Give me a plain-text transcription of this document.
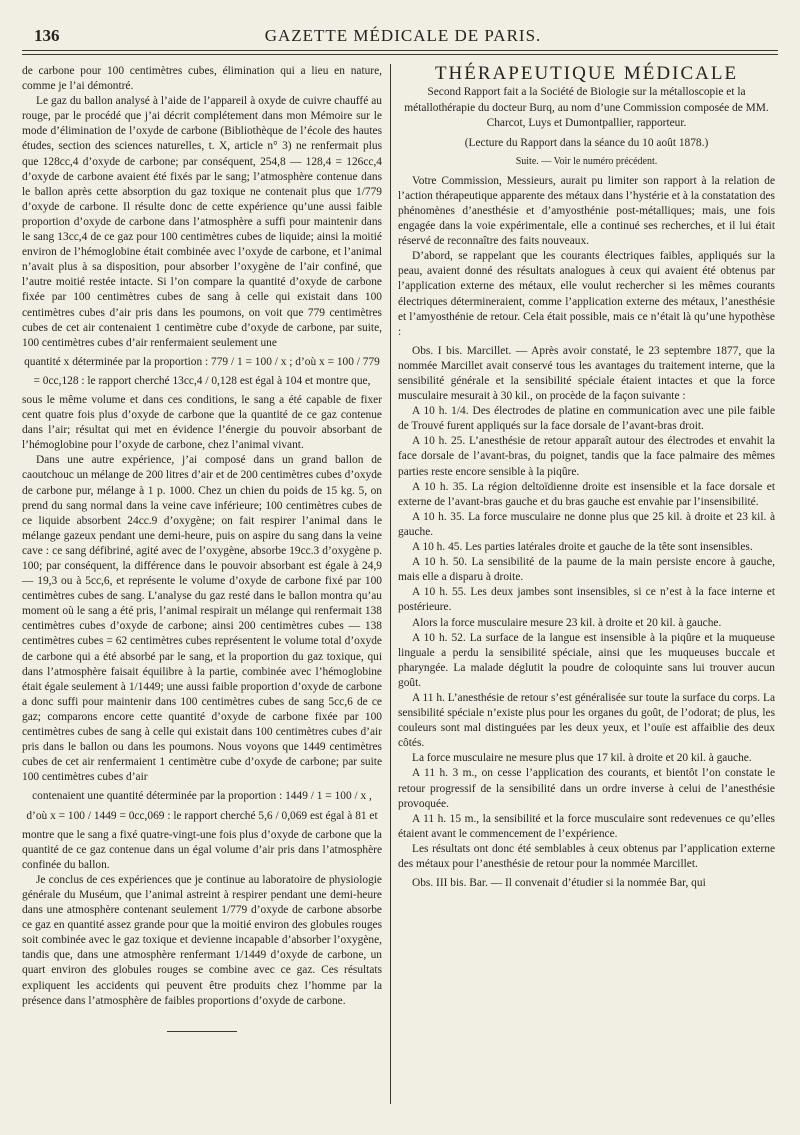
136	GAZETTE MÉDICALE DE PARIS.

de carbone pour 100 centimètres cubes, élimination qui a lieu en nature, comme je l’ai démontré.

Le gaz du ballon analysé à l’aide de l’appareil à oxyde de cuivre chauffé au rouge, par le procédé que j’ai décrit complétement dans mon Mémoire sur le mode d’élimination de l’oxyde de carbone (Bibliothèque de l’école des hautes études, section des sciences naturelles, t. X, article n° 3) ne renfermait plus que 128cc,4 d’oxyde de carbone; par conséquent, 254,8 — 128,4 = 126cc,4 d’oxyde de carbone avaient été fixés par le sang; l’atmosphère contenue dans le ballon après cette absorption du gaz toxique ne contenait plus que 1/779 d’oxyde de carbone. Il résulte donc de cette expérience qu’une aussi faible proportion d’oxyde de carbone dans l’atmosphère a suffi pour maintenir dans le sang 13cc,4 de ce gaz pour 100 centimètres cubes de liquide; ainsi la moitié environ de l’hémoglobine était combinée avec l’oxyde de carbone, et l’animal n’avait plus à sa disposition, pour absorber l’oxygène de l’air confiné, que l’autre moitié restée intacte. Si l’on compare la quantité d’oxyde de carbone fixée par 100 centimètres cubes de sang à celle qui existait dans 100 centimètres cubes d’air pris dans les poumons, on voit que 779 centimètres cubes de cet air contenaient 1 centimètre cube d’oxyde de carbone, par suite, 100 centimètres cubes d’air renfermaient seulement une

quantité x déterminée par la proportion : 779 / 1 = 100 / x ; d’où x = 100 / 779

= 0cc,128 : le rapport cherché 13cc,4 / 0,128 est égal à 104 et montre que,

sous le même volume et dans ces conditions, le sang a été capable de fixer cent quatre fois plus d’oxyde de carbone que la quantité de ce gaz contenue dans l’air; résultat qui met en évidence l’énergie du pouvoir absorbant de l’hémoglobine pour l’oxyde de carbone, chez l’animal vivant.

Dans une autre expérience, j’ai composé dans un grand ballon de caoutchouc un mélange de 200 litres d’air et de 200 centimètres cubes d’oxyde de carbone pur, mélange à 1 p. 1000. Chez un chien du poids de 15 kg. 5, on prend du sang normal dans la veine cave inférieure; 100 centimètres cubes de ce liquide absorbent 24cc.9 d’oxygène; on fait respirer l’animal dans le mélange gazeux pendant une demi-heure, puis on aspire du sang dans la veine cave : ce sang défibriné, agité avec de l’oxygène, absorbe 19cc.3 d’oxygène p. 100; par conséquent, la différence dans le pouvoir absorbant est égale à 24,9 — 19,3 ou à 5cc,6, et représente le volume d’oxyde de carbone fixé par 100 centimètres cubes de sang. L’analyse du gaz resté dans le ballon montra qu’au moment où le sang a été pris, l’animal respirait un mélange qui renfermait 138 centimètres cubes d’oxyde de carbone; ainsi 200 centimètres cubes — 138 centimètres cubes = 62 centimètres cubes représentent le volume total d’oxyde de carbone qui a été absorbé par le sang, et la proportion du gaz toxique, qui dans l’atmosphère faisait équilibre à la partie, combinée avec l’hémoglobine était égale seulement à 1/1449; une aussi faible proportion d’oxyde de carbone a donc suffi pour maintenir dans 100 centimètres cubes de sang 5cc,6 de ce gaz; comparons encore cette quantité d’oxyde de carbone fixée par 100 centimètres cubes de sang à celle qui existait dans 100 centimètres cubes d’air pris dans le ballon ou dans les poumons. Nous voyons que 1449 centimètres cubes de cet air renfermaient 1 centimètre cube d’oxyde de carbone; par suite 100 centimètres cubes d’air

contenaient une quantité déterminée par la proportion : 1449 / 1 = 100 / x ,

d’où x = 100 / 1449 = 0cc,069 : le rapport cherché 5,6 / 0,069 est égal à 81 et

montre que le sang a fixé quatre-vingt-une fois plus d’oxyde de carbone que la quantité de ce gaz contenue dans un égal volume d’air pris dans l’atmosphère confinée du ballon.

Je conclus de ces expériences que je continue au laboratoire de physiologie générale du Muséum, que l’animal astreint à respirer pendant une demi-heure dans une atmosphère contenant seulement 1/779 d’oxyde de carbone absorbe ce gaz en quantité assez grande pour que la moitié environ des globules rouges soit combinée avec le gaz toxique et devienne incapable d’absorber l’oxygène, tandis que, dans une atmosphère renfermant 1/1449 d’oxyde de carbone, un quart environ des globules rouges se combine avec ce gaz. Ces résultats expliquent les accidents qui peuvent être produits chez l’homme par la présence dans l’atmosphère de faibles proportions d’oxyde de carbone.

THÉRAPEUTIQUE MÉDICALE

Second Rapport fait a la Société de Biologie sur la métalloscopie et la métallothérapie du docteur Burq, au nom d’une Commission composée de MM. Charcot, Luys et Dumontpallier, rapporteur.

(Lecture du Rapport dans la séance du 10 août 1878.)

Suite. — Voir le numéro précédent.

Votre Commission, Messieurs, aurait pu limiter son rapport à la relation de l’action thérapeutique apparente des métaux dans l’hystérie et à la constatation des phénomènes d’anesthésie et d’amyosthénie post-métalliques; mais, une fois engagée dans la voie expérimentale, elle a continué ses recherches, et il lui était réservé de reconnaître des faits nouveaux.

D’abord, se rappelant que les courants électriques faibles, appliqués sur la peau, avaient donné des résultats analogues à ceux qui avaient été obtenus par l’application externe des métaux, elle voulut rechercher si les mêmes courants électriques détermineraient, comme l’application externe des métaux, l’anesthésie et l’amyosthénie de retour. Cela était possible, mais ce n’était là qu’une hypothèse :

Obs. I bis. Marcillet. — Après avoir constaté, le 23 septembre 1877, que la nommée Marcillet avait conservé tous les avantages du traitement interne, que la sensibilité générale et la sensibilité spéciale étaient intactes et que la force musculaire mesurait à 30 kil., on procède de la façon suivante :

A 10 h. 1/4. Des électrodes de platine en communication avec une pile faible de Trouvé furent appliqués sur la face dorsale de l’avant-bras droit.

A 10 h. 25. L’anesthésie de retour apparaît autour des électrodes et envahit la face dorsale de l’avant-bras, du poignet, tandis que la face palmaire des mêmes parties reste encore sensible à la piqûre.

A 10 h. 35. La région deltoïdienne droite est insensible et la face dorsale et externe de l’avant-bras gauche et du bras gauche est envahie par l’insensibilité.

A 10 h. 35. La force musculaire ne donne plus que 25 kil. à droite et 23 kil. à gauche.

A 10 h. 45. Les parties latérales droite et gauche de la tête sont insensibles.

A 10 h. 50. La sensibilité de la paume de la main persiste encore à gauche, mais elle a disparu à droite.

A 10 h. 55. Les deux jambes sont insensibles, si ce n’est à la face interne et postérieure.

Alors la force musculaire mesure 23 kil. à droite et 20 kil. à gauche.

A 10 h. 52. La surface de la langue est insensible à la piqûre et la muqueuse linguale a perdu la sensibilité spéciale, ainsi que les muqueuses buccale et pharyngée. La malade déglutit la poudre de coloquinte sans lui trouver aucun goût.

A 11 h. L’anesthésie de retour s’est généralisée sur toute la surface du corps. La sensibilité spéciale n’existe plus pour les organes du goût, de l’odorat; de plus, les couleurs sont mal distinguées par les deux yeux, et l’ouïe est affaiblie des deux côtés.

La force musculaire ne mesure plus que 17 kil. à droite et 20 kil. à gauche.

A 11 h. 3 m., on cesse l’application des courants, et bientôt l’on constate le retour progressif de la sensibilité dans un ordre inverse à celui de l’anesthésie provoquée.

A 11 h. 15 m., la sensibilité et la force musculaire sont redevenues ce qu’elles étaient avant le commencement de l’expérience.

Les résultats ont donc été semblables à ceux obtenus par l’application externe des métaux pour l’anesthésie de retour pour la nommée Marcillet.

Obs. III bis. Bar. — Il convenait d’étudier si la nommée Bar, qui
